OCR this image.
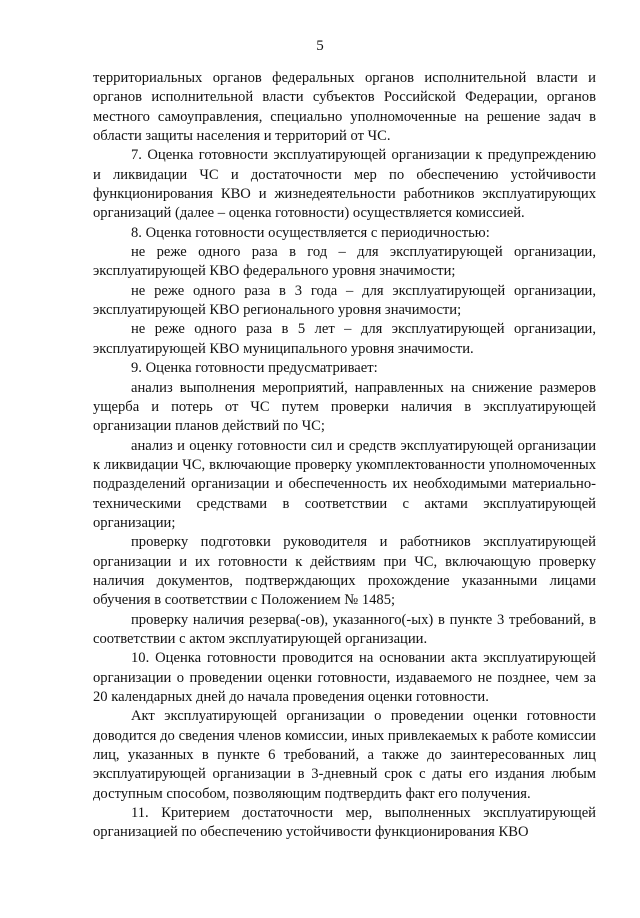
5

территориальных органов федеральных органов исполнительной власти и органов исполнительной власти субъектов Российской Федерации, органов местного самоуправления, специально уполномоченные на решение задач в области защиты населения и территорий от ЧС.

7. Оценка готовности эксплуатирующей организации к предупреждению и ликвидации ЧС и достаточности мер по обеспечению устойчивости функционирования КВО и жизнедеятельности работников эксплуатирующих организаций (далее – оценка готовности) осуществляется комиссией.

8. Оценка готовности осуществляется с периодичностью:

не реже одного раза в год – для эксплуатирующей организации, эксплуатирующей КВО федерального уровня значимости;

не реже одного раза в 3 года – для эксплуатирующей организации, эксплуатирующей КВО регионального уровня значимости;

не реже одного раза в 5 лет – для эксплуатирующей организации, эксплуатирующей КВО муниципального уровня значимости.

9. Оценка готовности предусматривает:

анализ выполнения мероприятий, направленных на снижение размеров ущерба и потерь от ЧС путем проверки наличия в эксплуатирующей организации планов действий по ЧС;

анализ и оценку готовности сил и средств эксплуатирующей организации к ликвидации ЧС, включающие проверку укомплектованности уполномоченных подразделений организации и обеспеченность их необходимыми материально-техническими средствами в соответствии с актами эксплуатирующей организации;

проверку подготовки руководителя и работников эксплуатирующей организации и их готовности к действиям при ЧС, включающую проверку наличия документов, подтверждающих прохождение указанными лицами обучения в соответствии с Положением № 1485;

проверку наличия резерва(-ов), указанного(-ых) в пункте 3 требований, в соответствии с актом эксплуатирующей организации.

10. Оценка готовности проводится на основании акта эксплуатирующей организации о проведении оценки готовности, издаваемого не позднее, чем за 20 календарных дней до начала проведения оценки готовности.

Акт эксплуатирующей организации о проведении оценки готовности доводится до сведения членов комиссии, иных привлекаемых к работе комиссии лиц, указанных в пункте 6 требований, а также до заинтересованных лиц эксплуатирующей организации в 3-дневный срок с даты его издания любым доступным способом, позволяющим подтвердить факт его получения.

11. Критерием достаточности мер, выполненных эксплуатирующей организацией по обеспечению устойчивости функционирования КВО
